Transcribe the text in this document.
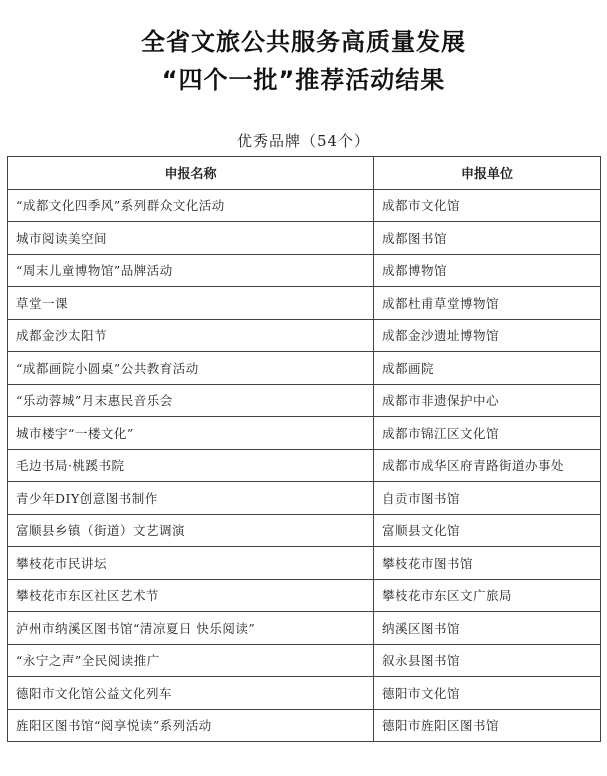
全省文旅公共服务高质量发展
“四个一批”推荐活动结果
优秀品牌（54个）
申报名称	申报单位
“成都文化四季风”系列群众文化活动	成都市文化馆
城市阅读美空间	成都图书馆
“周末儿童博物馆”品牌活动	成都博物馆
草堂一课	成都杜甫草堂博物馆
成都金沙太阳节	成都金沙遗址博物馆
“成都画院小圆桌”公共教育活动	成都画院
“乐动蓉城”月末惠民音乐会	成都市非遗保护中心
城市楼宇“一楼文化”	成都市锦江区文化馆
毛边书局·桃蹊书院	成都市成华区府青路街道办事处
青少年DIY创意图书制作	自贡市图书馆
富顺县乡镇（街道）文艺调演	富顺县文化馆
攀枝花市民讲坛	攀枝花市图书馆
攀枝花市东区社区艺术节	攀枝花市东区文广旅局
泸州市纳溪区图书馆“清凉夏日 快乐阅读”	纳溪区图书馆
“永宁之声”全民阅读推广	叙永县图书馆
德阳市文化馆公益文化列车	德阳市文化馆
旌阳区图书馆“阅享悦读”系列活动	德阳市旌阳区图书馆
